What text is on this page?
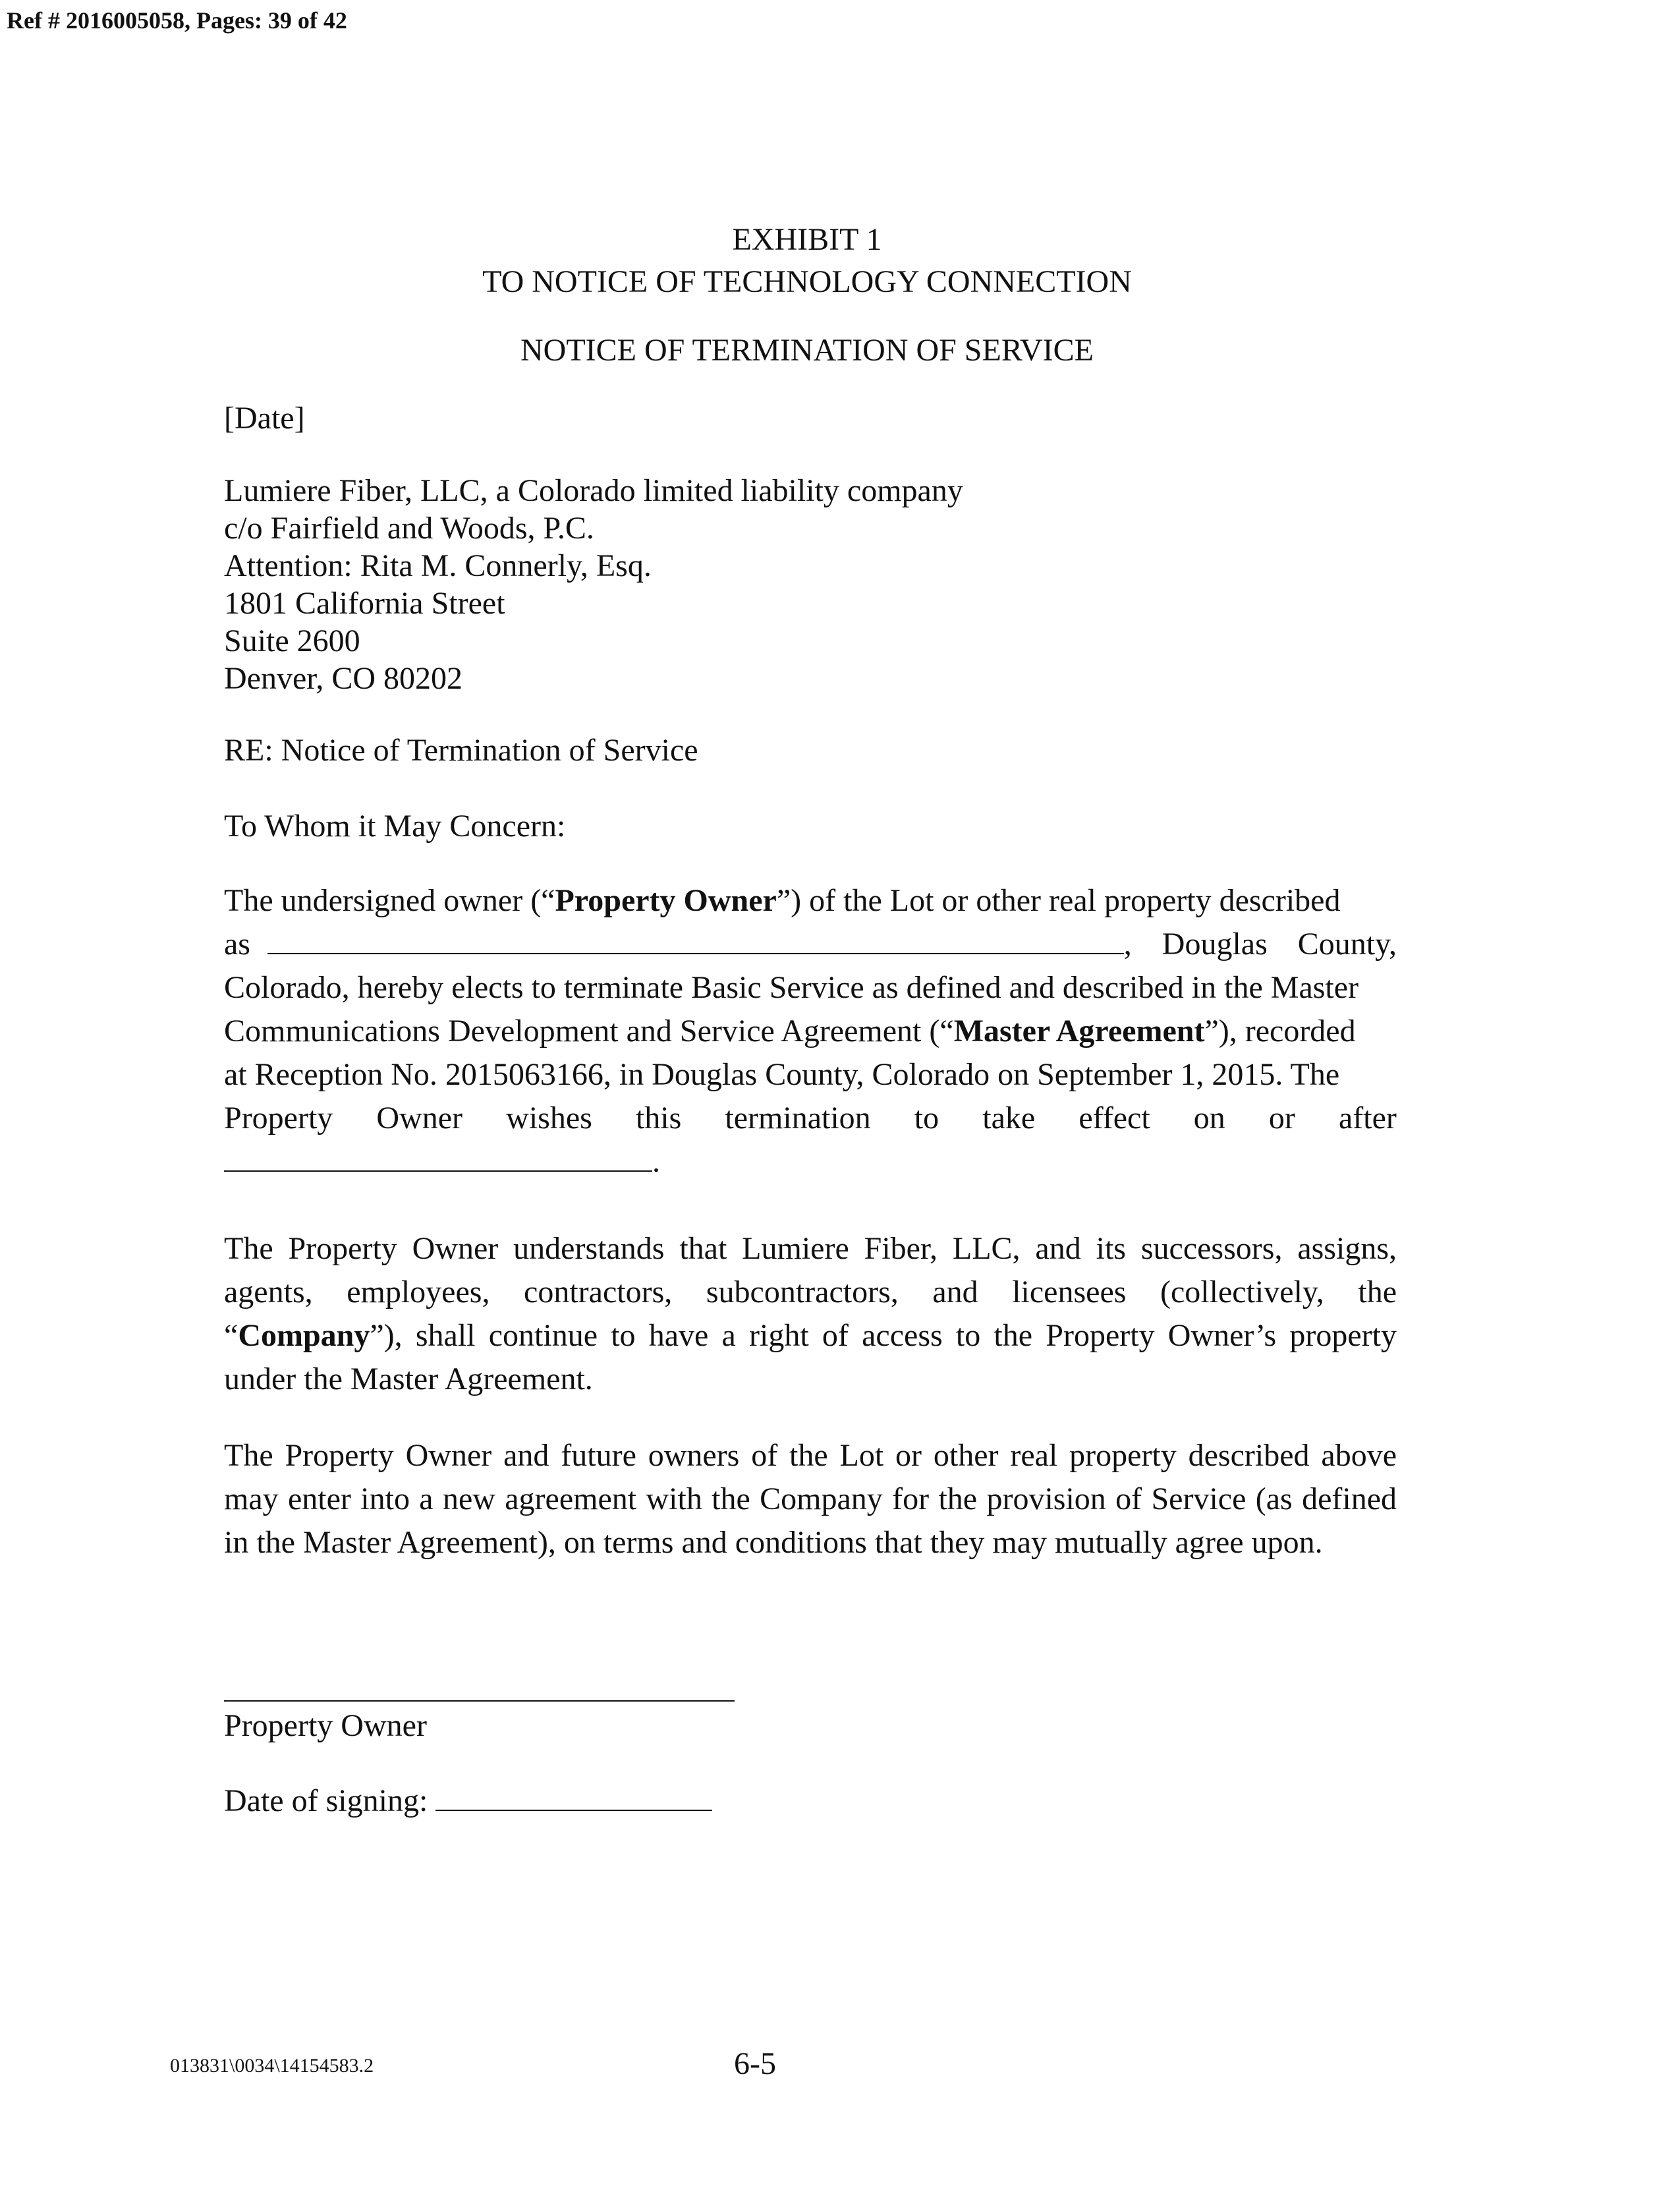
Ref # 2016005058, Pages: 39 of 42
EXHIBIT 1
TO NOTICE OF TECHNOLOGY CONNECTION
NOTICE OF TERMINATION OF SERVICE
[Date]
Lumiere Fiber, LLC, a Colorado limited liability company
c/o Fairfield and Woods, P.C.
Attention: Rita M. Connerly, Esq.
1801 California Street
Suite 2600
Denver, CO 80202
RE: Notice of Termination of Service
To Whom it May Concern:
The undersigned owner (“Property Owner”) of the Lot or other real property described
as	, Douglas County,
Colorado, hereby elects to terminate Basic Service as defined and described in the Master
Communications Development and Service Agreement (“Master Agreement”), recorded
at Reception No. 2015063166, in Douglas County, Colorado on September 1, 2015. The
Property Owner wishes this termination to take effect on or after
.
The Property Owner understands that Lumiere Fiber, LLC, and its successors, assigns, agents, employees, contractors, subcontractors, and licensees (collectively, the “Company”), shall continue to have a right of access to the Property Owner’s property under the Master Agreement.
The Property Owner and future owners of the Lot or other real property described above may enter into a new agreement with the Company for the provision of Service (as defined in the Master Agreement), on terms and conditions that they may mutually agree upon.
Property Owner
Date of signing:
013831\0034\14154583.2	6-5
